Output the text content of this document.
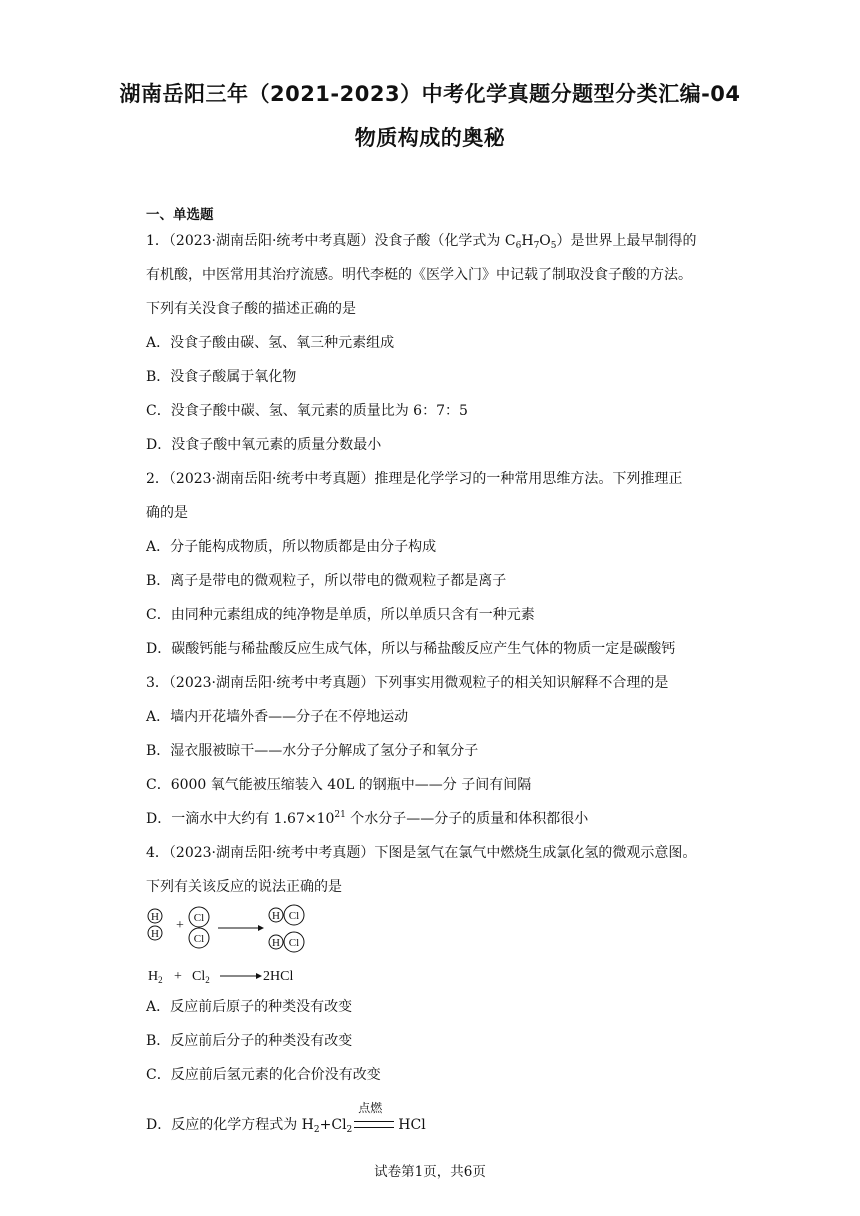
湖南岳阳三年（2021-2023）中考化学真题分题型分类汇编-04
物质构成的奥秘
一、单选题
1．（2023·湖南岳阳·统考中考真题）没食子酸（化学式为 $C_6H_7O_5$）是世界上最早制得的
有机酸，中医常用其治疗流感。明代李梃的《医学入门》中记载了制取没食子酸的方法。
下列有关没食子酸的描述正确的是
A．没食子酸由碳、氢、氧三种元素组成
B．没食子酸属于氧化物
C．没食子酸中碳、氢、氧元素的质量比为 6：7：5
D．没食子酸中氧元素的质量分数最小
2．（2023·湖南岳阳·统考中考真题）推理是化学学习的一种常用思维方法。下列推理正
确的是
A．分子能构成物质，所以物质都是由分子构成
B．离子是带电的微观粒子，所以带电的微观粒子都是离子
C．由同种元素组成的纯净物是单质，所以单质只含有一种元素
D．碳酸钙能与稀盐酸反应生成气体，所以与稀盐酸反应产生气体的物质一定是碳酸钙
3．（2023·湖南岳阳·统考中考真题）下列事实用微观粒子的相关知识解释不合理的是
A．墙内开花墙外香——分子在不停地运动
B．湿衣服被晾干——水分子分解成了氢分子和氧分子
C．6000 氧气能被压缩装入 40L 的钢瓶中——分 子间有间隔
D．一滴水中大约有 $1.67\times 10^{21}$ 个水分子——分子的质量和体积都很小
4．（2023·湖南岳阳·统考中考真题）下图是氢气在氯气中燃烧生成氯化氢的微观示意图。
下列有关该反应的说法正确的是
H
H
+ Cl
Cl
H Cl
H Cl
$H_2 + Cl_2$	2HCl
A．反应前后原子的种类没有改变
B．反应前后分子的种类没有改变
C．反应前后氢元素的化合价没有改变
D．反应的化学方程式为 $H_2+Cl_2$
点燃
HCl
试卷第1页，共6页
